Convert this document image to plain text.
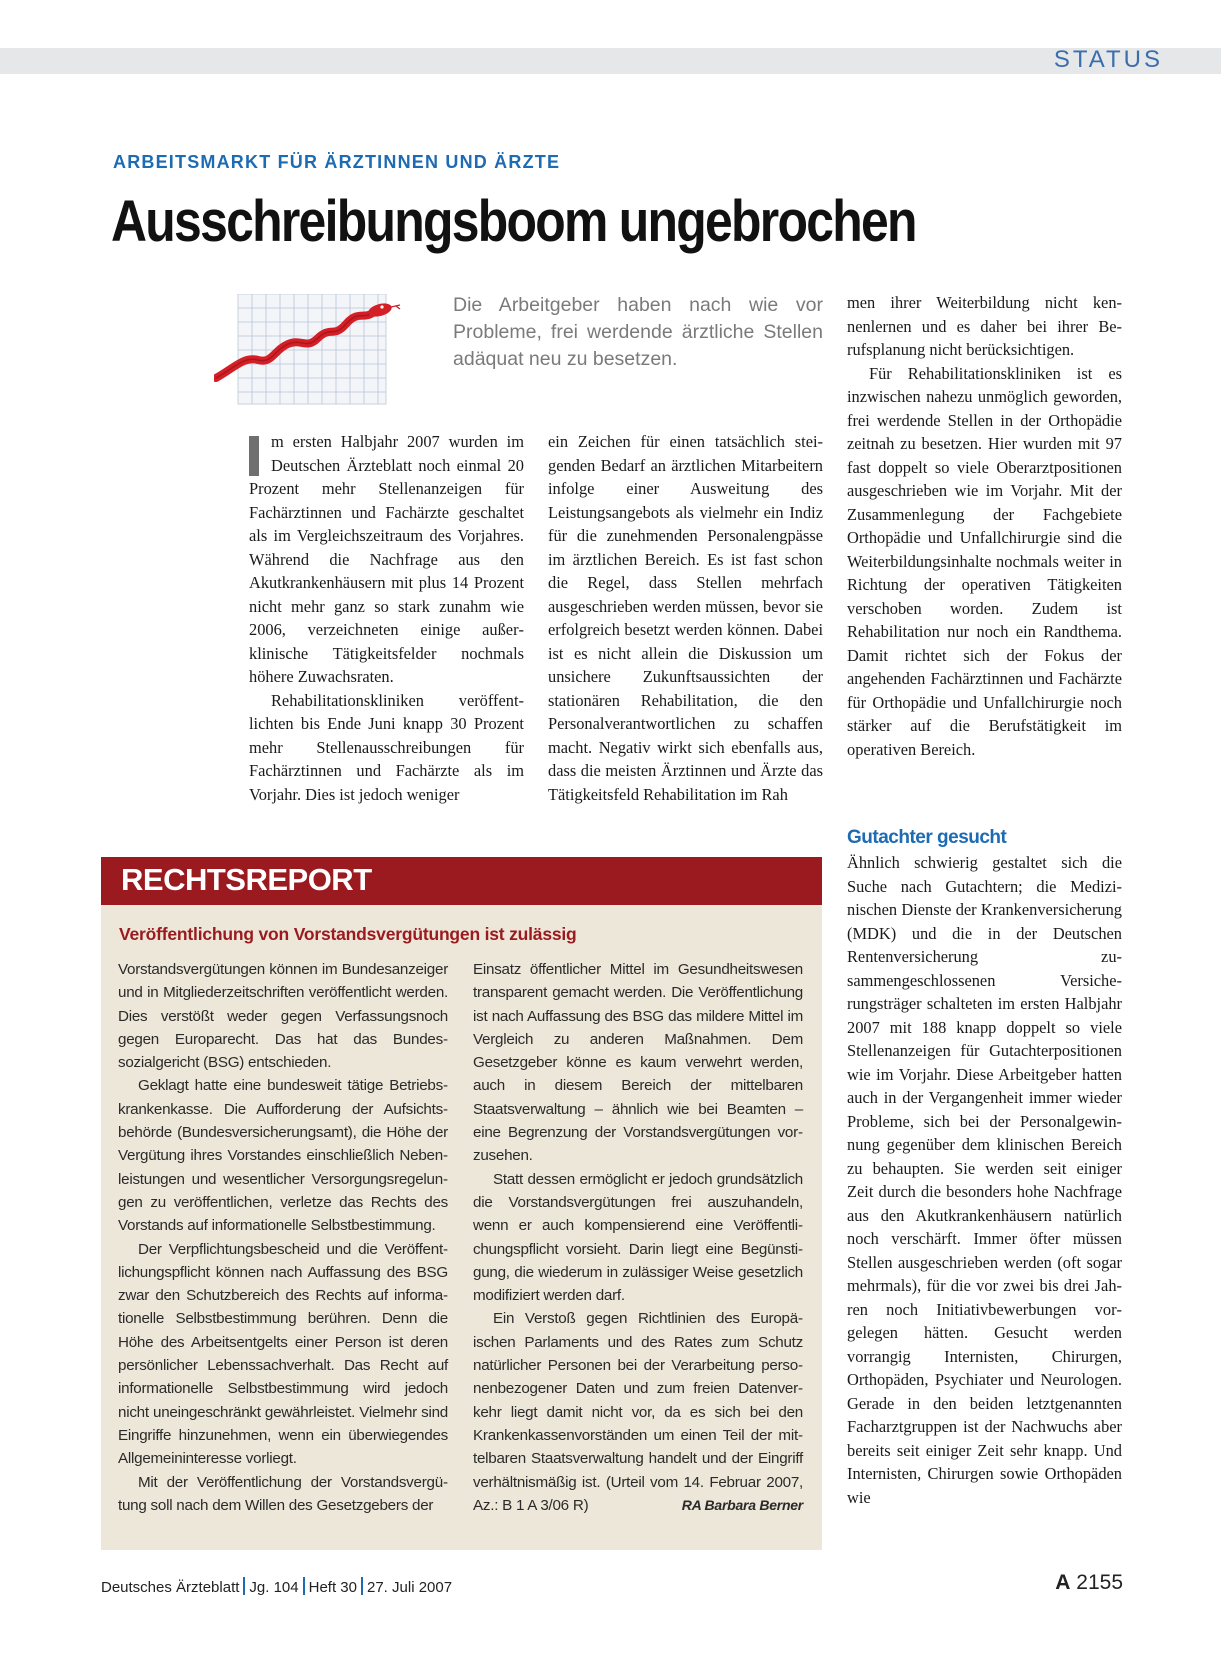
STATUS
ARBEITSMARKT FÜR ÄRZTINNEN UND ÄRZTE
Ausschreibungsboom ungebrochen

Die Arbeitgeber haben nach wie vor Probleme, frei werdende ärztliche Stellen adäquat neu zu besetzen.

m ersten Halbjahr 2007 wurden im Deutschen Ärzteblatt noch einmal 20 Prozent mehr Stellenanzeigen für Fachärztinnen und Fachärzte geschaltet als im Vergleichszeitraum des Vorjahres. Während die Nachfrage aus den Akutkrankenhäusern mit plus 14 Prozent nicht mehr ganz so stark zunahm wie 2006, verzeichneten einige außerklinische Tätigkeitsfelder nochmals höhere Zuwachsraten.

Rehabilitationskliniken veröffentlichten bis Ende Juni knapp 30 Prozent mehr Stellenausschreibungen für Fachärztinnen und Fachärzte als im Vorjahr. Dies ist jedoch weniger

ein Zeichen für einen tatsächlich steigenden Bedarf an ärztlichen Mitarbeitern infolge einer Ausweitung des Leistungsangebots als vielmehr ein Indiz für die zunehmenden Personalengpässe im ärztlichen Bereich. Es ist fast schon die Regel, dass Stellen mehrfach ausgeschrieben werden müssen, bevor sie erfolgreich besetzt werden können. Dabei ist es nicht allein die Diskussion um unsichere Zukunftsaussichten der stationären Rehabilitation, die den Personalverantwortlichen zu schaffen macht. Negativ wirkt sich ebenfalls aus, dass die meisten Ärztinnen und Ärzte das Tätigkeitsfeld Rehabilitation im Rah

men ihrer Weiterbildung nicht kennenlernen und es daher bei ihrer Berufsplanung nicht berücksichtigen.

Für Rehabilitationskliniken ist es inzwischen nahezu unmöglich geworden, frei werdende Stellen in der Orthopädie zeitnah zu besetzen. Hier wurden mit 97 fast doppelt so viele Oberarztpositionen ausgeschrieben wie im Vorjahr. Mit der Zusammenlegung der Fachgebiete Orthopädie und Unfallchirurgie sind die Weiterbildungsinhalte nochmals weiter in Richtung der operativen Tätigkeiten verschoben worden. Zudem ist Rehabilitation nur noch ein Randthema. Damit richtet sich der Fokus der angehenden Fachärztinnen und Fachärzte für Orthopädie und Unfallchirurgie noch stärker auf die Berufstätigkeit im operativen Bereich.

Gutachter gesucht

Ähnlich schwierig gestaltet sich die Suche nach Gutachtern; die Medizinischen Dienste der Krankenversicherung (MDK) und die in der Deutschen Rentenversicherung zusammengeschlossenen Versicherungsträger schalteten im ersten Halbjahr 2007 mit 188 knapp doppelt so viele Stellenanzeigen für Gutachterpositionen wie im Vorjahr. Diese Arbeitgeber hatten auch in der Vergangenheit immer wieder Probleme, sich bei der Personalgewinnung gegenüber dem klinischen Bereich zu behaupten. Sie werden seit einiger Zeit durch die besonders hohe Nachfrage aus den Akutkrankenhäusern natürlich noch verschärft. Immer öfter müssen Stellen ausgeschrieben werden (oft sogar mehrmals), für die vor zwei bis drei Jahren noch Initiativbewerbungen vorgelegen hätten. Gesucht werden vorrangig Internisten, Chirurgen, Orthopäden, Psychiater und Neurologen. Gerade in den beiden letztgenannten Facharztgruppen ist der Nachwuchs aber bereits seit einiger Zeit sehr knapp. Und Internisten, Chirurgen sowie Orthopäden wie

RECHTSREPORT
Veröffentlichung von Vorstandsvergütungen ist zulässig

Vorstandsvergütungen können im Bundesanzeiger und in Mitgliederzeitschriften veröffentlicht werden. Dies verstößt weder gegen Verfassungsnoch gegen Europarecht. Das hat das Bundessozialgericht (BSG) entschieden.

Geklagt hatte eine bundesweit tätige Betriebskrankenkasse. Die Aufforderung der Aufsichtsbehörde (Bundesversicherungsamt), die Höhe der Vergütung ihres Vorstandes einschließlich Nebenleistungen und wesentlicher Versorgungsregelungen zu veröffentlichen, verletze das Rechts des Vorstands auf informationelle Selbstbestimmung.

Der Verpflichtungsbescheid und die Veröffentlichungspflicht können nach Auffassung des BSG zwar den Schutzbereich des Rechts auf informationelle Selbstbestimmung berühren. Denn die Höhe des Arbeitsentgelts einer Person ist deren persönlicher Lebenssachverhalt. Das Recht auf informationelle Selbstbestimmung wird jedoch nicht uneingeschränkt gewährleistet. Vielmehr sind Eingriffe hinzunehmen, wenn ein überwiegendes Allgemeininteresse vorliegt.

Mit der Veröffentlichung der Vorstandsvergütung soll nach dem Willen des Gesetzgebers der

Einsatz öffentlicher Mittel im Gesundheitswesen transparent gemacht werden. Die Veröffentlichung ist nach Auffassung des BSG das mildere Mittel im Vergleich zu anderen Maßnahmen. Dem Gesetzgeber könne es kaum verwehrt werden, auch in diesem Bereich der mittelbaren Staatsverwaltung – ähnlich wie bei Beamten – eine Begrenzung der Vorstandsvergütungen vorzusehen.

Statt dessen ermöglicht er jedoch grundsätzlich die Vorstandsvergütungen frei auszuhandeln, wenn er auch kompensierend eine Veröffentlichungspflicht vorsieht. Darin liegt eine Begünstigung, die wiederum in zulässiger Weise gesetzlich modifiziert werden darf.

Ein Verstoß gegen Richtlinien des Europäischen Parlaments und des Rates zum Schutz natürlicher Personen bei der Verarbeitung personenbezogener Daten und zum freien Datenverkehr liegt damit nicht vor, da es sich bei den Krankenkassenvorständen um einen Teil der mittelbaren Staatsverwaltung handelt und der Eingriff verhältnismäßig ist. (Urteil vom 14. Februar 2007, Az.: B 1 A 3/06 R)	RA Barbara Berner

Deutsches Ärzteblatt Jg. 104 Heft 30 27. Juli 2007	A 2155
